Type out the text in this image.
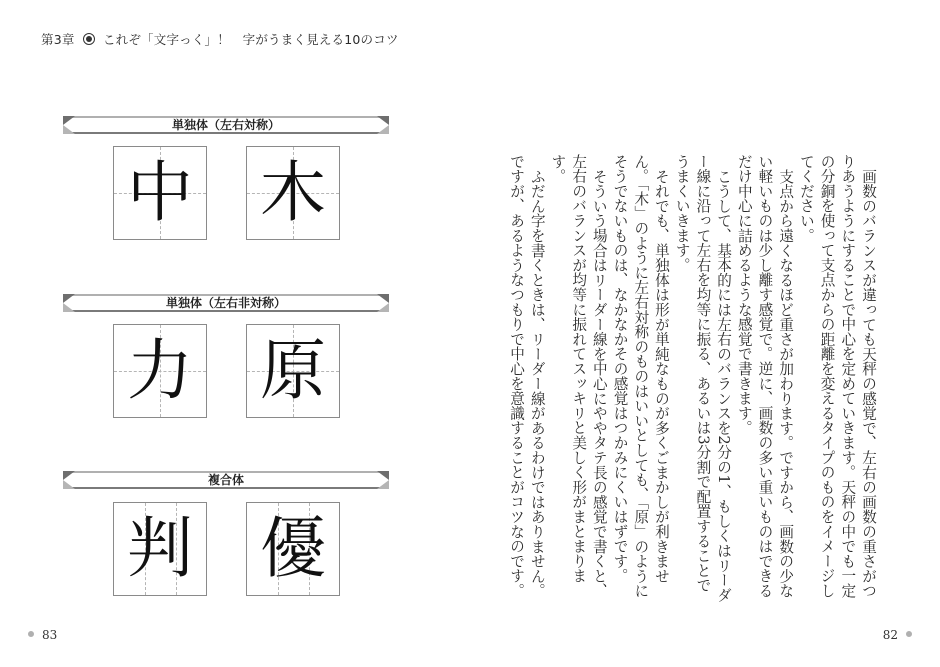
第3章 これぞ「文字っく」！　字がうまく見える10のコツ
単独体（左右対称）
中 木
単独体（左右非対称）
力 原
複合体
判 優	画数のバランスが違っても天秤の感覚で、左右の画数の重さがつりあうようにすることで中心を定めていきます。天秤の中でも一定の分銅を使って支点からの距離を変えるタイプのものをイメージしてください。

支点から遠くなるほど重さが加わります。ですから、画数の少ない軽いものは少し離す感覚で。逆に、画数の多い重いものはできるだけ中心に詰めるような感覚で書きます。

こうして、基本的には左右のバランスを2分の1、もしくはリーダー線に沿って左右を均等に振る、あるいは3分割で配置することでうまくいきます。

それでも、単独体は形が単純なものが多くごまかしが利きません。「木」のように左右対称のものはいいとしても、「原」のようにそうでないものは、なかなかその感覚はつかみにくいはずです。

そういう場合はリーダー線を中心にややタテ長の感覚で書くと、左右のバランスが均等に振れてスッキリと美しく形がまとまります。

ふだん字を書くときは、リーダー線があるわけではありません。ですが、あるようなつもりで中心を意識することがコツなのです。

83	82
